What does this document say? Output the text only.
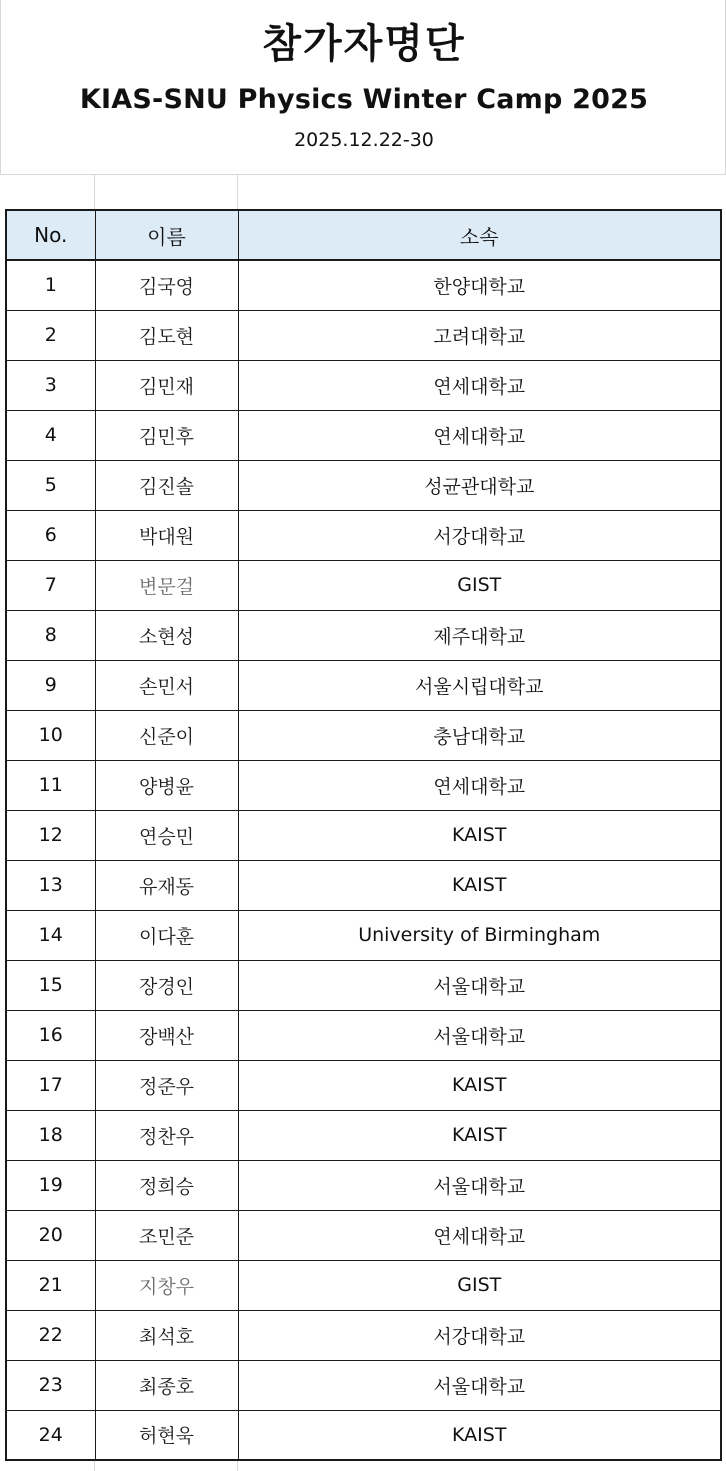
참가자명단
KIAS-SNU Physics Winter Camp 2025
2025.12.22-30
No.	이름	소속
1	김국영	한양대학교
2	김도현	고려대학교
3	김민재	연세대학교
4	김민후	연세대학교
5	김진솔	성균관대학교
6	박대원	서강대학교
7	변문걸	GIST
8	소현성	제주대학교
9	손민서	서울시립대학교
10	신준이	충남대학교
11	양병윤	연세대학교
12	연승민	KAIST
13	유재동	KAIST
14	이다훈	University of Birmingham
15	장경인	서울대학교
16	장백산	서울대학교
17	정준우	KAIST
18	정찬우	KAIST
19	정희승	서울대학교
20	조민준	연세대학교
21	지창우	GIST
22	최석호	서강대학교
23	최종호	서울대학교
24	허현욱	KAIST
